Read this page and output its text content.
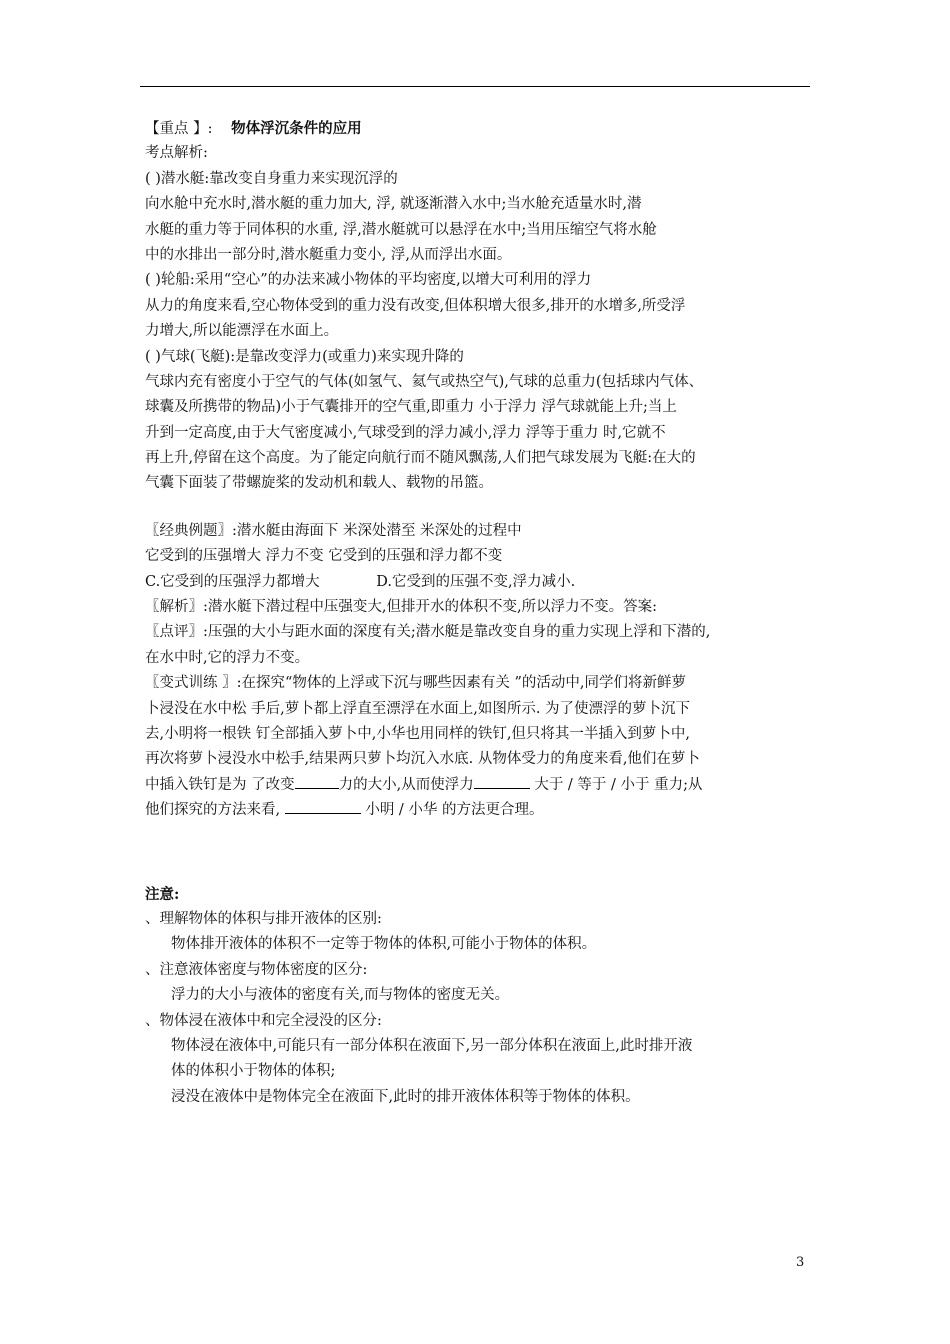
【重点 】: 物体浮沉条件的应用
考点解析:
( )潜水艇:靠改变自身重力来实现沉浮的
向水舱中充水时,潜水艇的重力加大, 浮, 就逐渐潜入水中;当水舱充适量水时,潜
水艇的重力等于同体积的水重, 浮,潜水艇就可以悬浮在水中;当用压缩空气将水舱
中的水排出一部分时,潜水艇重力变小, 浮,从而浮出水面。
( )轮船:采用“空心”的办法来减小物体的平均密度,以增大可利用的浮力
从力的角度来看,空心物体受到的重力没有改变,但体积增大很多,排开的水增多,所受浮
力增大,所以能漂浮在水面上。
( )气球(飞艇):是靠改变浮力(或重力)来实现升降的
气球内充有密度小于空气的气体(如氢气、氦气或热空气),气球的总重力(包括球内气体、
球囊及所携带的物品)小于气囊排开的空气重,即重力 小于浮力 浮气球就能上升;当上
升到一定高度,由于大气密度减小,气球受到的浮力减小,浮力 浮等于重力 时,它就不
再上升,停留在这个高度。为了能定向航行而不随风飘荡,人们把气球发展为飞艇:在大的
气囊下面装了带螺旋桨的发动机和载人、载物的吊篮。
〖经典例题〗:潜水艇由海面下 米深处潜至 米深处的过程中
它受到的压强增大 浮力不变 它受到的压强和浮力都不变
C.它受到的压强浮力都增大	D.它受到的压强不变,浮力减小.
〖解析〗:潜水艇下潜过程中压强变大,但排开水的体积不变,所以浮力不变。答案:
〖点评〗:压强的大小与距水面的深度有关;潜水艇是靠改变自身的重力实现上浮和下潜的,
在水中时,它的浮力不变。
〖变式训练 〗:在探究“物体的上浮或下沉与哪些因素有关 ”的活动中,同学们将新鲜萝
卜浸没在水中松 手后,萝卜都上浮直至漂浮在水面上,如图所示. 为了使漂浮的萝卜沉下
去,小明将一根铁 钉全部插入萝卜中,小华也用同样的铁钉,但只将其一半插入到萝卜中,
再次将萝卜浸没水中松手,结果两只萝卜均沉入水底. 从物体受力的角度来看,他们在萝卜
中插入铁钉是为 了改变	力的大小,从而使浮力	大于 / 等于 / 小于 重力;从
他们探究的方法来看,	小明 / 小华 的方法更合理。
注意:
、理解物体的体积与排开液体的区别:
物体排开液体的体积不一定等于物体的体积,可能小于物体的体积。
、注意液体密度与物体密度的区分:
浮力的大小与液体的密度有关,而与物体的密度无关。
、物体浸在液体中和完全浸没的区分:
物体浸在液体中,可能只有一部分体积在液面下,另一部分体积在液面上,此时排开液
体的体积小于物体的体积;
浸没在液体中是物体完全在液面下,此时的排开液体体积等于物体的体积。
3
